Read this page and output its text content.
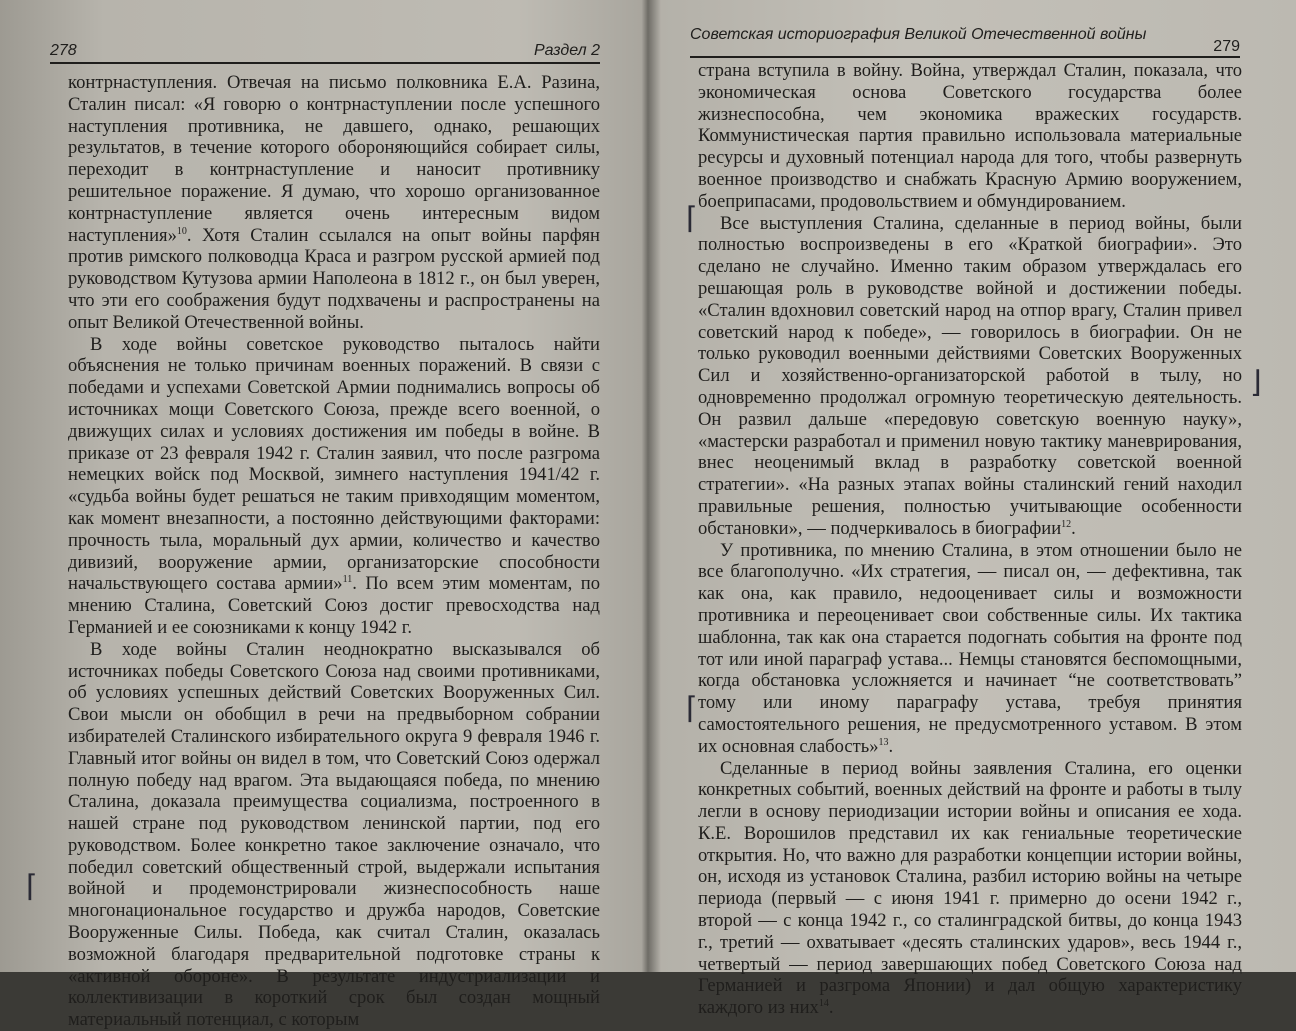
278	Раздел 2

контрнаступления. Отвечая на письмо полковника Е.А. Разина, Сталин писал: «Я говорю о контрнаступлении после успешного наступления противника, не давшего, однако, решающих результатов, в течение которого обороняющийся собирает силы, переходит в контрнаступление и наносит противнику решительное поражение. Я думаю, что хорошо организованное контрнаступление является очень интересным видом наступления»$^{10}$. Хотя Сталин ссылался на опыт войны парфян против римского полководца Краса и разгром русской армией под руководством Кутузова армии Наполеона в 1812 г., он был уверен, что эти его соображения будут подхвачены и распространены на опыт Великой Отечественной войны.

В ходе войны советское руководство пыталось найти объяснения не только причинам военных поражений. В связи с победами и успехами Советской Армии поднимались вопросы об источниках мощи Советского Союза, прежде всего военной, о движущих силах и условиях достижения им победы в войне. В приказе от 23 февраля 1942 г. Сталин заявил, что после разгрома немецких войск под Москвой, зимнего наступления 1941/42 г. «судьба войны будет решаться не таким привходящим моментом, как момент внезапности, а постоянно действующими факторами: прочность тыла, моральный дух армии, количество и качество дивизий, вооружение армии, организаторские способности начальствующего состава армии»$^{11}$. По всем этим моментам, по мнению Сталина, Советский Союз достиг превосходства над Германией и ее союзниками к концу 1942 г.

В ходе войны Сталин неоднократно высказывался об источниках победы Советского Союза над своими противниками, об условиях успешных действий Советских Вооруженных Сил. Свои мысли он обобщил в речи на предвыборном собрании избирателей Сталинского избирательного округа 9 февраля 1946 г. Главный итог войны он видел в том, что Советский Союз одержал полную победу над врагом. Эта выдающаяся победа, по мнению Сталина, доказала преимущества социализма, построенного в нашей стране под руководством ленинской партии, под его руководством. Более конкретно такое заключение означало, что победил советский общественный строй, выдержали испытания войной и продемонстрировали жизнеспособность наше многонациональное государство и дружба народов, Советские Вооруженные Силы. Победа, как считал Сталин, оказалась возможной благодаря предварительной подготовке страны к «активной обороне». В результате индустриализации и коллективизации в короткий срок был создан мощный материальный потенциал, с которым

⌈
Советская историография Великой Отечественной войны
279

страна вступила в войну. Война, утверждал Сталин, показала, что экономическая основа Советского государства более жизнеспособна, чем экономика вражеских государств. Коммунистическая партия правильно использовала материальные ресурсы и духовный потенциал народа для того, чтобы развернуть военное производство и снабжать Красную Армию вооружением, боеприпасами, продовольствием и обмундированием.

Все выступления Сталина, сделанные в период войны, были полностью воспроизведены в его «Краткой биографии». Это сделано не случайно. Именно таким образом утверждалась его решающая роль в руководстве войной и достижении победы. «Сталин вдохновил советский народ на отпор врагу, Сталин привел советский народ к победе», — говорилось в биографии. Он не только руководил военными действиями Советских Вооруженных Сил и хозяйственно-организаторской работой в тылу, но одновременно продолжал огромную теоретическую деятельность. Он развил дальше «передовую советскую военную науку», «мастерски разработал и применил новую тактику маневрирования, внес неоценимый вклад в разработку советской военной стратегии». «На разных этапах войны сталинский гений находил правильные решения, полностью учитывающие особенности обстановки», — подчеркивалось в биографии$^{12}$.

У противника, по мнению Сталина, в этом отношении было не все благополучно. «Их стратегия, — писал он, — дефективна, так как она, как правило, недооценивает силы и возможности противника и переоценивает свои собственные силы. Их тактика шаблонна, так как она старается подогнать события на фронте под тот или иной параграф устава... Немцы становятся беспомощными, когда обстановка усложняется и начинает “не соответствовать” тому или иному параграфу устава, требуя принятия самостоятельного решения, не предусмотренного уставом. В этом их основная слабость»$^{13}$.

Сделанные в период войны заявления Сталина, его оценки конкретных событий, военных действий на фронте и работы в тылу легли в основу периодизации истории войны и описания ее хода. К.Е. Ворошилов представил их как гениальные теоретические открытия. Но, что важно для разработки концепции истории войны, он, исходя из установок Сталина, разбил историю войны на четыре периода (первый — с июня 1941 г. примерно до осени 1942 г., второй — с конца 1942 г., со сталинградской битвы, до конца 1943 г., третий — охватывает «десять сталинских ударов», весь 1944 г., четвертый — период завершающих побед Советского Союза над Германией и разгрома Японии) и дал общую характеристику каждого из них$^{14}$.

⌈
⌈
⌋
